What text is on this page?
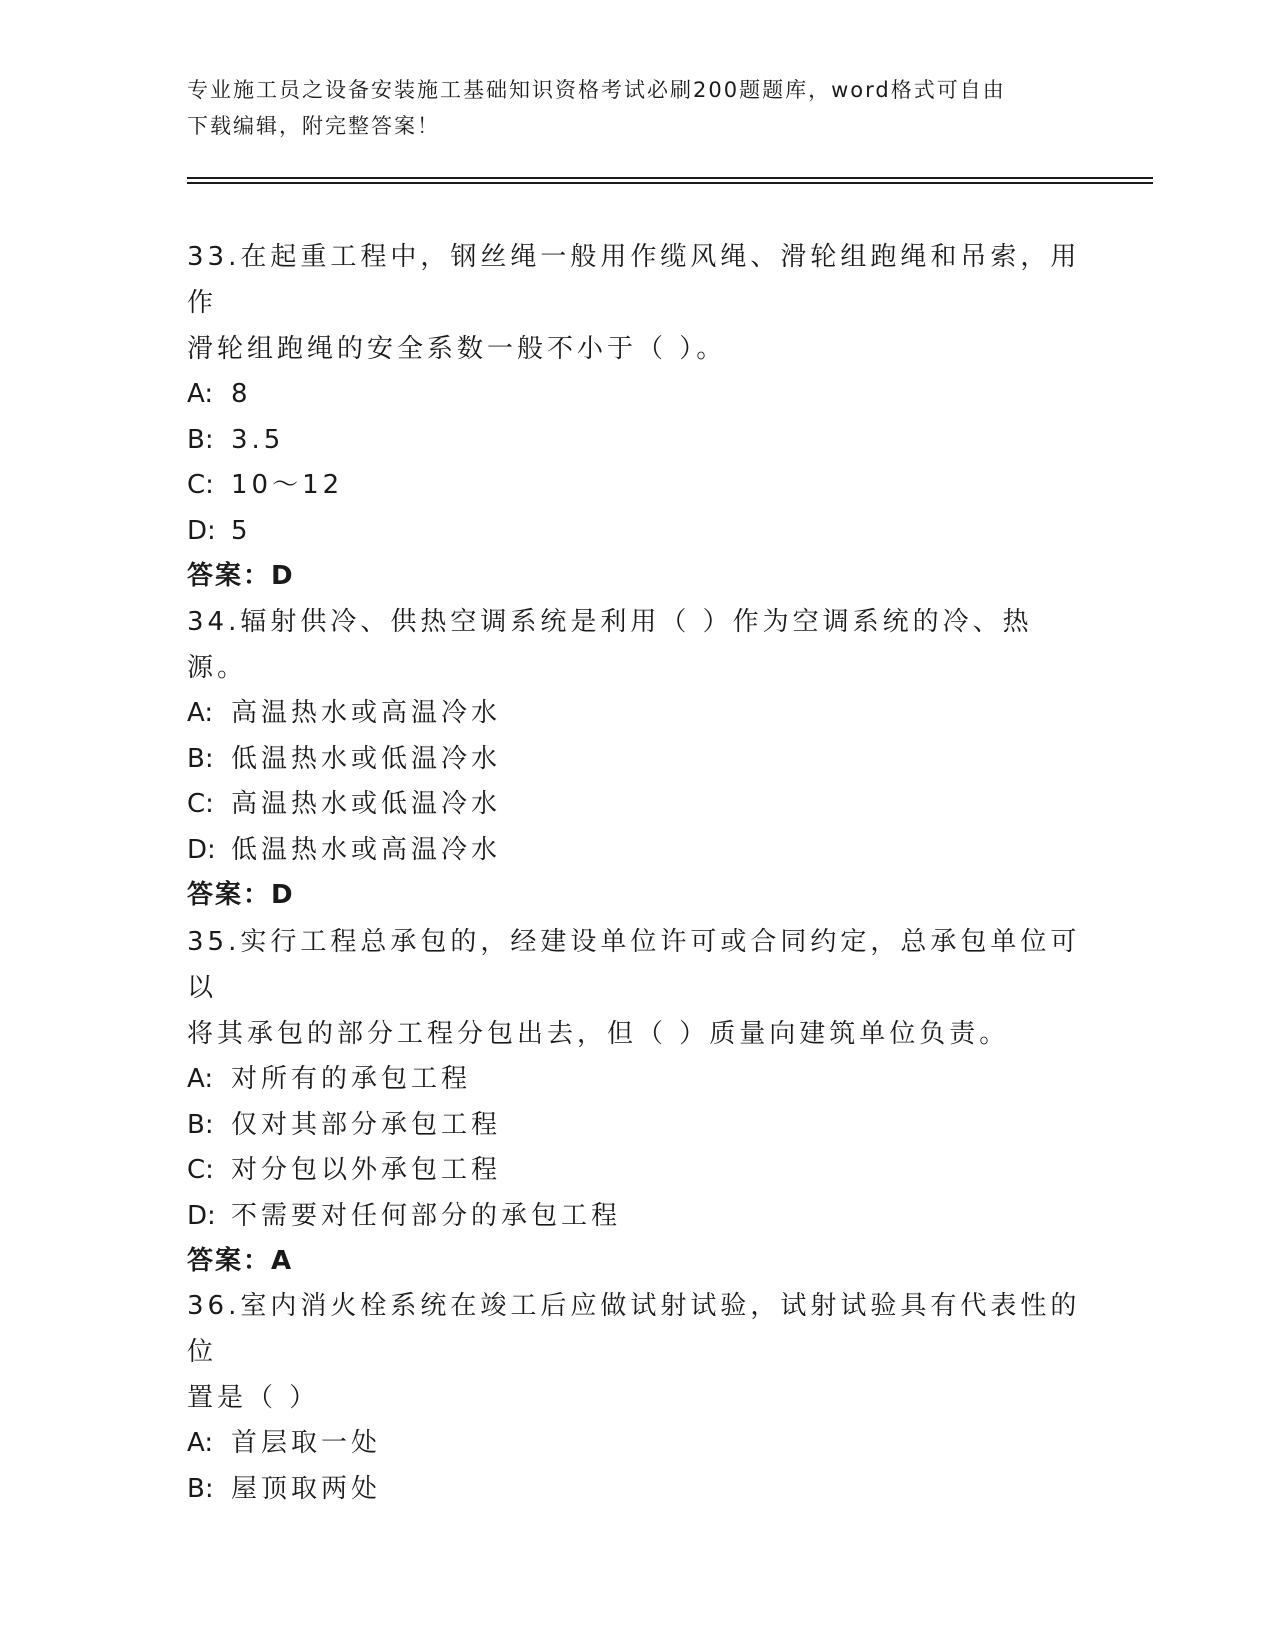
专业施工员之设备安装施工基础知识资格考试必刷200题题库，word格式可自由
下载编辑，附完整答案！
33.在起重工程中，钢丝绳一般用作缆风绳、滑轮组跑绳和吊索，用作
滑轮组跑绳的安全系数一般不小于（ ）。
A: 8
B: 3.5
C: 10～12
D: 5
答案：D
34.辐射供冷、供热空调系统是利用（ ）作为空调系统的冷、热源。
A: 高温热水或高温冷水
B: 低温热水或低温冷水
C: 高温热水或低温冷水
D: 低温热水或高温冷水
答案：D
35.实行工程总承包的，经建设单位许可或合同约定，总承包单位可以
将其承包的部分工程分包出去，但（ ）质量向建筑单位负责。
A: 对所有的承包工程
B: 仅对其部分承包工程
C: 对分包以外承包工程
D: 不需要对任何部分的承包工程
答案：A
36.室内消火栓系统在竣工后应做试射试验，试射试验具有代表性的位
置是（ ）
A: 首层取一处
B: 屋顶取两处
